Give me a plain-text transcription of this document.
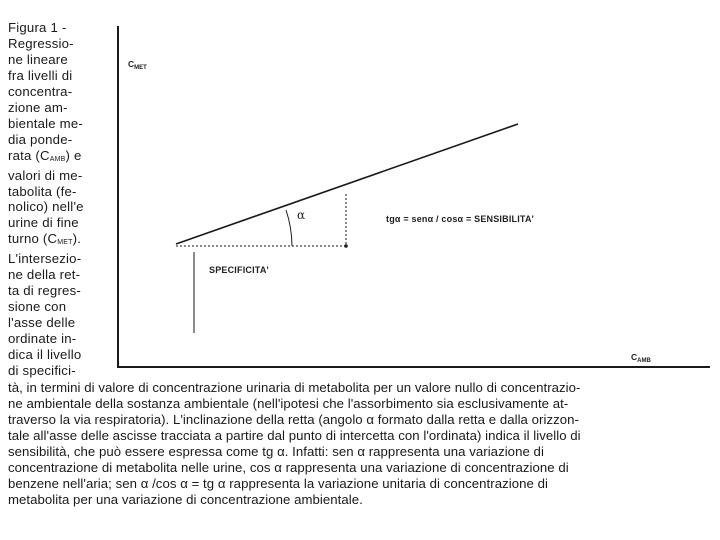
Figura 1 -
Regressio-
ne lineare
fra livelli di
concentra-
zione am-
bientale me-
dia ponde-
rata $(C_{AMB})$ e
valori di me-
tabolita (fe-
nolico) nell'e
urine di fine
turno $(C_{MET})$.
L'intersezio-
ne della ret-
ta di regres-
sione con
l'asse delle
ordinate in-
dica il livello
di specifici-
$C_{MET}$
α	tgα = senα / cosα = SENSIBILITA'
SPECIFICITA'
$C_{AMB}$
tà, in termini di valore di concentrazione urinaria di metabolita per un valore nullo di concentrazio-
ne ambientale della sostanza ambientale (nell'ipotesi che l'assorbimento sia esclusivamente at-
traverso la via respiratoria). L'inclinazione della retta (angolo α formato dalla retta e dalla orizzon-
tale all'asse delle ascisse tracciata a partire dal punto di intercetta con l'ordinata) indica il livello di
sensibilità, che può essere espressa come tg α. Infatti: sen α rappresenta una variazione di
concentrazione di metabolita nelle urine, cos α rappresenta una variazione di concentrazione di
benzene nell'aria; sen α /cos α = tg α rappresenta la variazione unitaria di concentrazione di
metabolita per una variazione di concentrazione ambientale.
